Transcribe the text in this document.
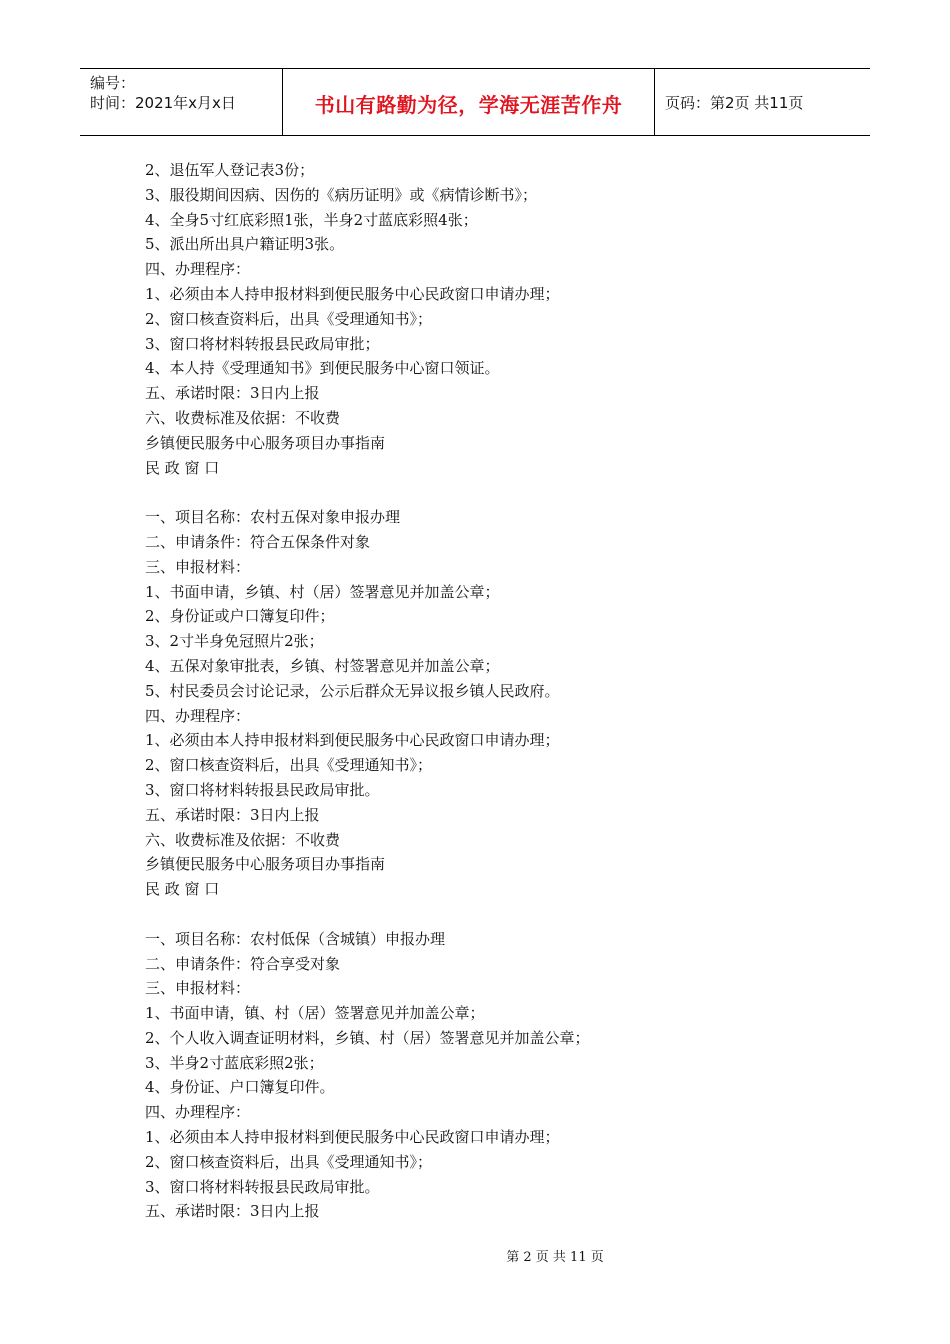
编号：
时间：2021年x月x日	书山有路勤为径，学海无涯苦作舟	页码：第2页 共11页
2、退伍军人登记表3份；
3、服役期间因病、因伤的《病历证明》或《病情诊断书》；
4、全身5寸红底彩照1张，半身2寸蓝底彩照4张；
5、派出所出具户籍证明3张。
四、办理程序：
1、必须由本人持申报材料到便民服务中心民政窗口申请办理；
2、窗口核查资料后，出具《受理通知书》；
3、窗口将材料转报县民政局审批；
4、本人持《受理通知书》到便民服务中心窗口领证。
五、承诺时限：3日内上报
六、收费标准及依据：不收费
乡镇便民服务中心服务项目办事指南
民 政 窗 口
一、项目名称：农村五保对象申报办理
二、申请条件：符合五保条件对象
三、申报材料：
1、书面申请，乡镇、村（居）签署意见并加盖公章；
2、身份证或户口簿复印件；
3、2寸半身免冠照片2张；
4、五保对象审批表，乡镇、村签署意见并加盖公章；
5、村民委员会讨论记录，公示后群众无异议报乡镇人民政府。
四、办理程序：
1、必须由本人持申报材料到便民服务中心民政窗口申请办理；
2、窗口核查资料后，出具《受理通知书》；
3、窗口将材料转报县民政局审批。
五、承诺时限：3日内上报
六、收费标准及依据：不收费
乡镇便民服务中心服务项目办事指南
民 政 窗 口
一、项目名称：农村低保（含城镇）申报办理
二、申请条件：符合享受对象
三、申报材料：
1、书面申请，镇、村（居）签署意见并加盖公章；
2、个人收入调查证明材料，乡镇、村（居）签署意见并加盖公章；
3、半身2寸蓝底彩照2张；
4、身份证、户口簿复印件。
四、办理程序：
1、必须由本人持申报材料到便民服务中心民政窗口申请办理；
2、窗口核查资料后，出具《受理通知书》；
3、窗口将材料转报县民政局审批。
五、承诺时限：3日内上报
第 2 页 共 11 页
